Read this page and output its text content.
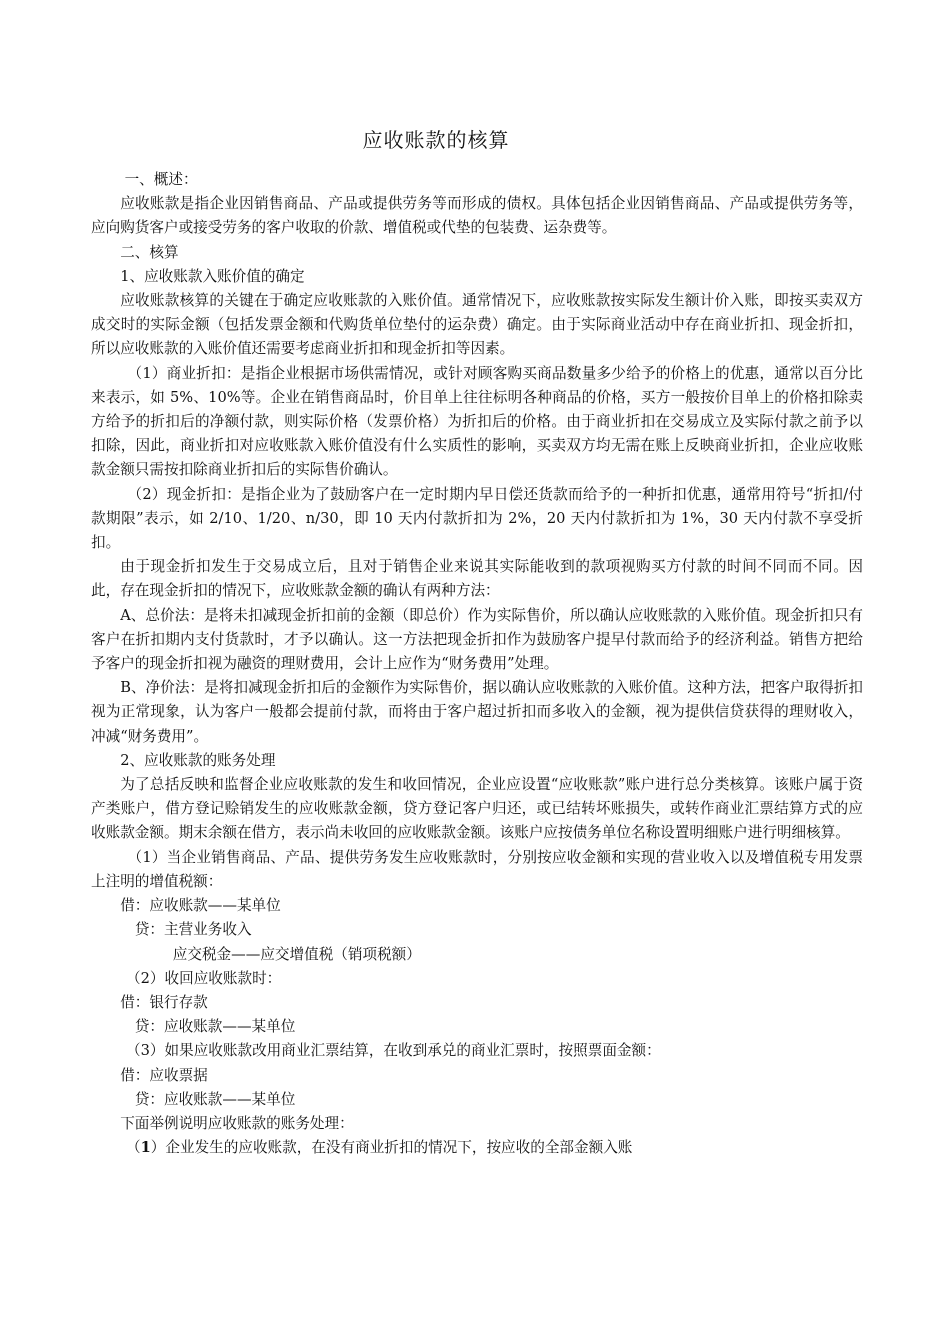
应收账款的核算

一、概述：

应收账款是指企业因销售商品、产品或提供劳务等而形成的债权。具体包括企业因销售商品、产品或提供劳务等，应向购货客户或接受劳务的客户收取的价款、增值税或代垫的包装费、运杂费等。

二、核算

1、应收账款入账价值的确定

应收账款核算的关键在于确定应收账款的入账价值。通常情况下，应收账款按实际发生额计价入账，即按买卖双方成交时的实际金额（包括发票金额和代购货单位垫付的运杂费）确定。由于实际商业活动中存在商业折扣、现金折扣，所以应收账款的入账价值还需要考虑商业折扣和现金折扣等因素。

（1）商业折扣：是指企业根据市场供需情况，或针对顾客购买商品数量多少给予的价格上的优惠，通常以百分比来表示，如 5%、10%等。企业在销售商品时，价目单上往往标明各种商品的价格，买方一般按价目单上的价格扣除卖方给予的折扣后的净额付款，则实际价格（发票价格）为折扣后的价格。由于商业折扣在交易成立及实际付款之前予以扣除，因此，商业折扣对应收账款入账价值没有什么实质性的影响，买卖双方均无需在账上反映商业折扣，企业应收账款金额只需按扣除商业折扣后的实际售价确认。

（2）现金折扣：是指企业为了鼓励客户在一定时期内早日偿还货款而给予的一种折扣优惠，通常用符号“折扣/付款期限”表示，如 2/10、1/20、n/30，即 10 天内付款折扣为 2%，20 天内付款折扣为 1%，30 天内付款不享受折扣。

由于现金折扣发生于交易成立后，且对于销售企业来说其实际能收到的款项视购买方付款的时间不同而不同。因此，存在现金折扣的情况下，应收账款金额的确认有两种方法：

A、总价法：是将未扣减现金折扣前的金额（即总价）作为实际售价，所以确认应收账款的入账价值。现金折扣只有客户在折扣期内支付货款时，才予以确认。这一方法把现金折扣作为鼓励客户提早付款而给予的经济利益。销售方把给予客户的现金折扣视为融资的理财费用，会计上应作为“财务费用”处理。

B、净价法：是将扣减现金折扣后的金额作为实际售价，据以确认应收账款的入账价值。这种方法，把客户取得折扣视为正常现象，认为客户一般都会提前付款，而将由于客户超过折扣而多收入的金额，视为提供信贷获得的理财收入，冲减“财务费用”。

2、应收账款的账务处理

为了总括反映和监督企业应收账款的发生和收回情况，企业应设置“应收账款”账户进行总分类核算。该账户属于资产类账户，借方登记赊销发生的应收账款金额，贷方登记客户归还，或已结转坏账损失，或转作商业汇票结算方式的应收账款金额。期末余额在借方，表示尚未收回的应收账款金额。该账户应按债务单位名称设置明细账户进行明细核算。

（1）当企业销售商品、产品、提供劳务发生应收账款时，分别按应收金额和实现的营业收入以及增值税专用发票上注明的增值税额：

借：应收账款——某单位

贷：主营业务收入

应交税金——应交增值税（销项税额）

（2）收回应收账款时：

借：银行存款

贷：应收账款——某单位

（3）如果应收账款改用商业汇票结算，在收到承兑的商业汇票时，按照票面金额：

借：应收票据

贷：应收账款——某单位

下面举例说明应收账款的账务处理：

（1）企业发生的应收账款，在没有商业折扣的情况下，按应收的全部金额入账
